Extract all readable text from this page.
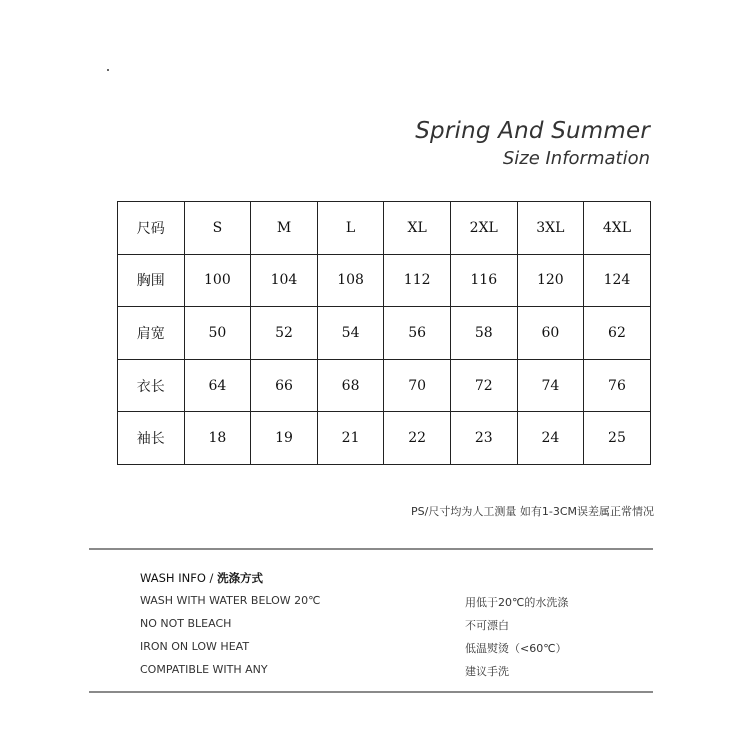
Spring And Summer
Size Information
尺码	S	M	L	XL	2XL	3XL	4XL
胸围	100	104	108	112	116	120	124
肩宽	50	52	54	56	58	60	62
衣长	64	66	68	70	72	74	76
袖长	18	19	21	22	23	24	25
PS/尺寸均为人工测量 如有1-3CM误差属正常情况
WASH INFO / 洗涤方式
WASH WITH WATER BELOW 20℃	用低于20℃的水洗涤
NO NOT BLEACH	不可漂白
IRON ON LOW HEAT	低温熨烫（<60℃）
COMPATIBLE WITH ANY	建议手洗
